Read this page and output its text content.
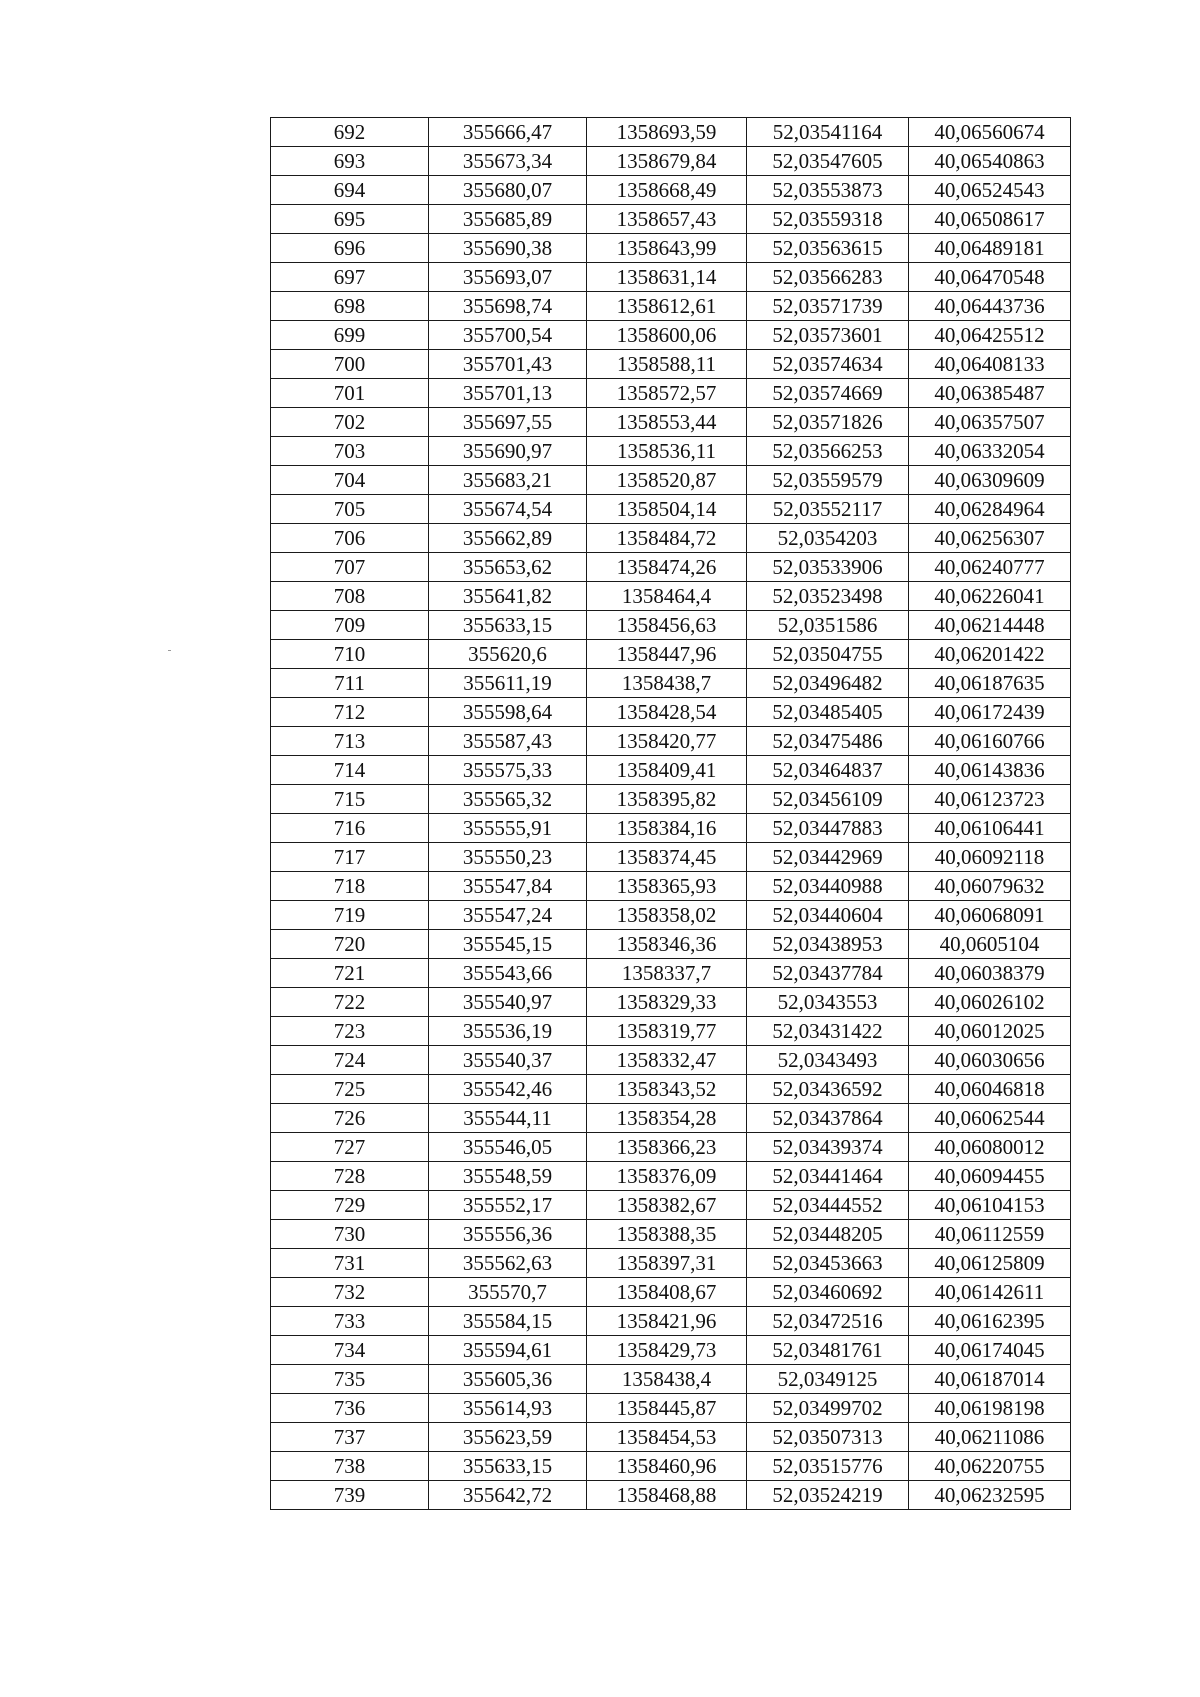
692	355666,47	1358693,59	52,03541164	40,06560674
693	355673,34	1358679,84	52,03547605	40,06540863
694	355680,07	1358668,49	52,03553873	40,06524543
695	355685,89	1358657,43	52,03559318	40,06508617
696	355690,38	1358643,99	52,03563615	40,06489181
697	355693,07	1358631,14	52,03566283	40,06470548
698	355698,74	1358612,61	52,03571739	40,06443736
699	355700,54	1358600,06	52,03573601	40,06425512
700	355701,43	1358588,11	52,03574634	40,06408133
701	355701,13	1358572,57	52,03574669	40,06385487
702	355697,55	1358553,44	52,03571826	40,06357507
703	355690,97	1358536,11	52,03566253	40,06332054
704	355683,21	1358520,87	52,03559579	40,06309609
705	355674,54	1358504,14	52,03552117	40,06284964
706	355662,89	1358484,72	52,0354203	40,06256307
707	355653,62	1358474,26	52,03533906	40,06240777
708	355641,82	1358464,4	52,03523498	40,06226041
709	355633,15	1358456,63	52,0351586	40,06214448
710	355620,6	1358447,96	52,03504755	40,06201422
711	355611,19	1358438,7	52,03496482	40,06187635
712	355598,64	1358428,54	52,03485405	40,06172439
713	355587,43	1358420,77	52,03475486	40,06160766
714	355575,33	1358409,41	52,03464837	40,06143836
715	355565,32	1358395,82	52,03456109	40,06123723
716	355555,91	1358384,16	52,03447883	40,06106441
717	355550,23	1358374,45	52,03442969	40,06092118
718	355547,84	1358365,93	52,03440988	40,06079632
719	355547,24	1358358,02	52,03440604	40,06068091
720	355545,15	1358346,36	52,03438953	40,0605104
721	355543,66	1358337,7	52,03437784	40,06038379
722	355540,97	1358329,33	52,0343553	40,06026102
723	355536,19	1358319,77	52,03431422	40,06012025
724	355540,37	1358332,47	52,0343493	40,06030656
725	355542,46	1358343,52	52,03436592	40,06046818
726	355544,11	1358354,28	52,03437864	40,06062544
727	355546,05	1358366,23	52,03439374	40,06080012
728	355548,59	1358376,09	52,03441464	40,06094455
729	355552,17	1358382,67	52,03444552	40,06104153
730	355556,36	1358388,35	52,03448205	40,06112559
731	355562,63	1358397,31	52,03453663	40,06125809
732	355570,7	1358408,67	52,03460692	40,06142611
733	355584,15	1358421,96	52,03472516	40,06162395
734	355594,61	1358429,73	52,03481761	40,06174045
735	355605,36	1358438,4	52,0349125	40,06187014
736	355614,93	1358445,87	52,03499702	40,06198198
737	355623,59	1358454,53	52,03507313	40,06211086
738	355633,15	1358460,96	52,03515776	40,06220755
739	355642,72	1358468,88	52,03524219	40,06232595
